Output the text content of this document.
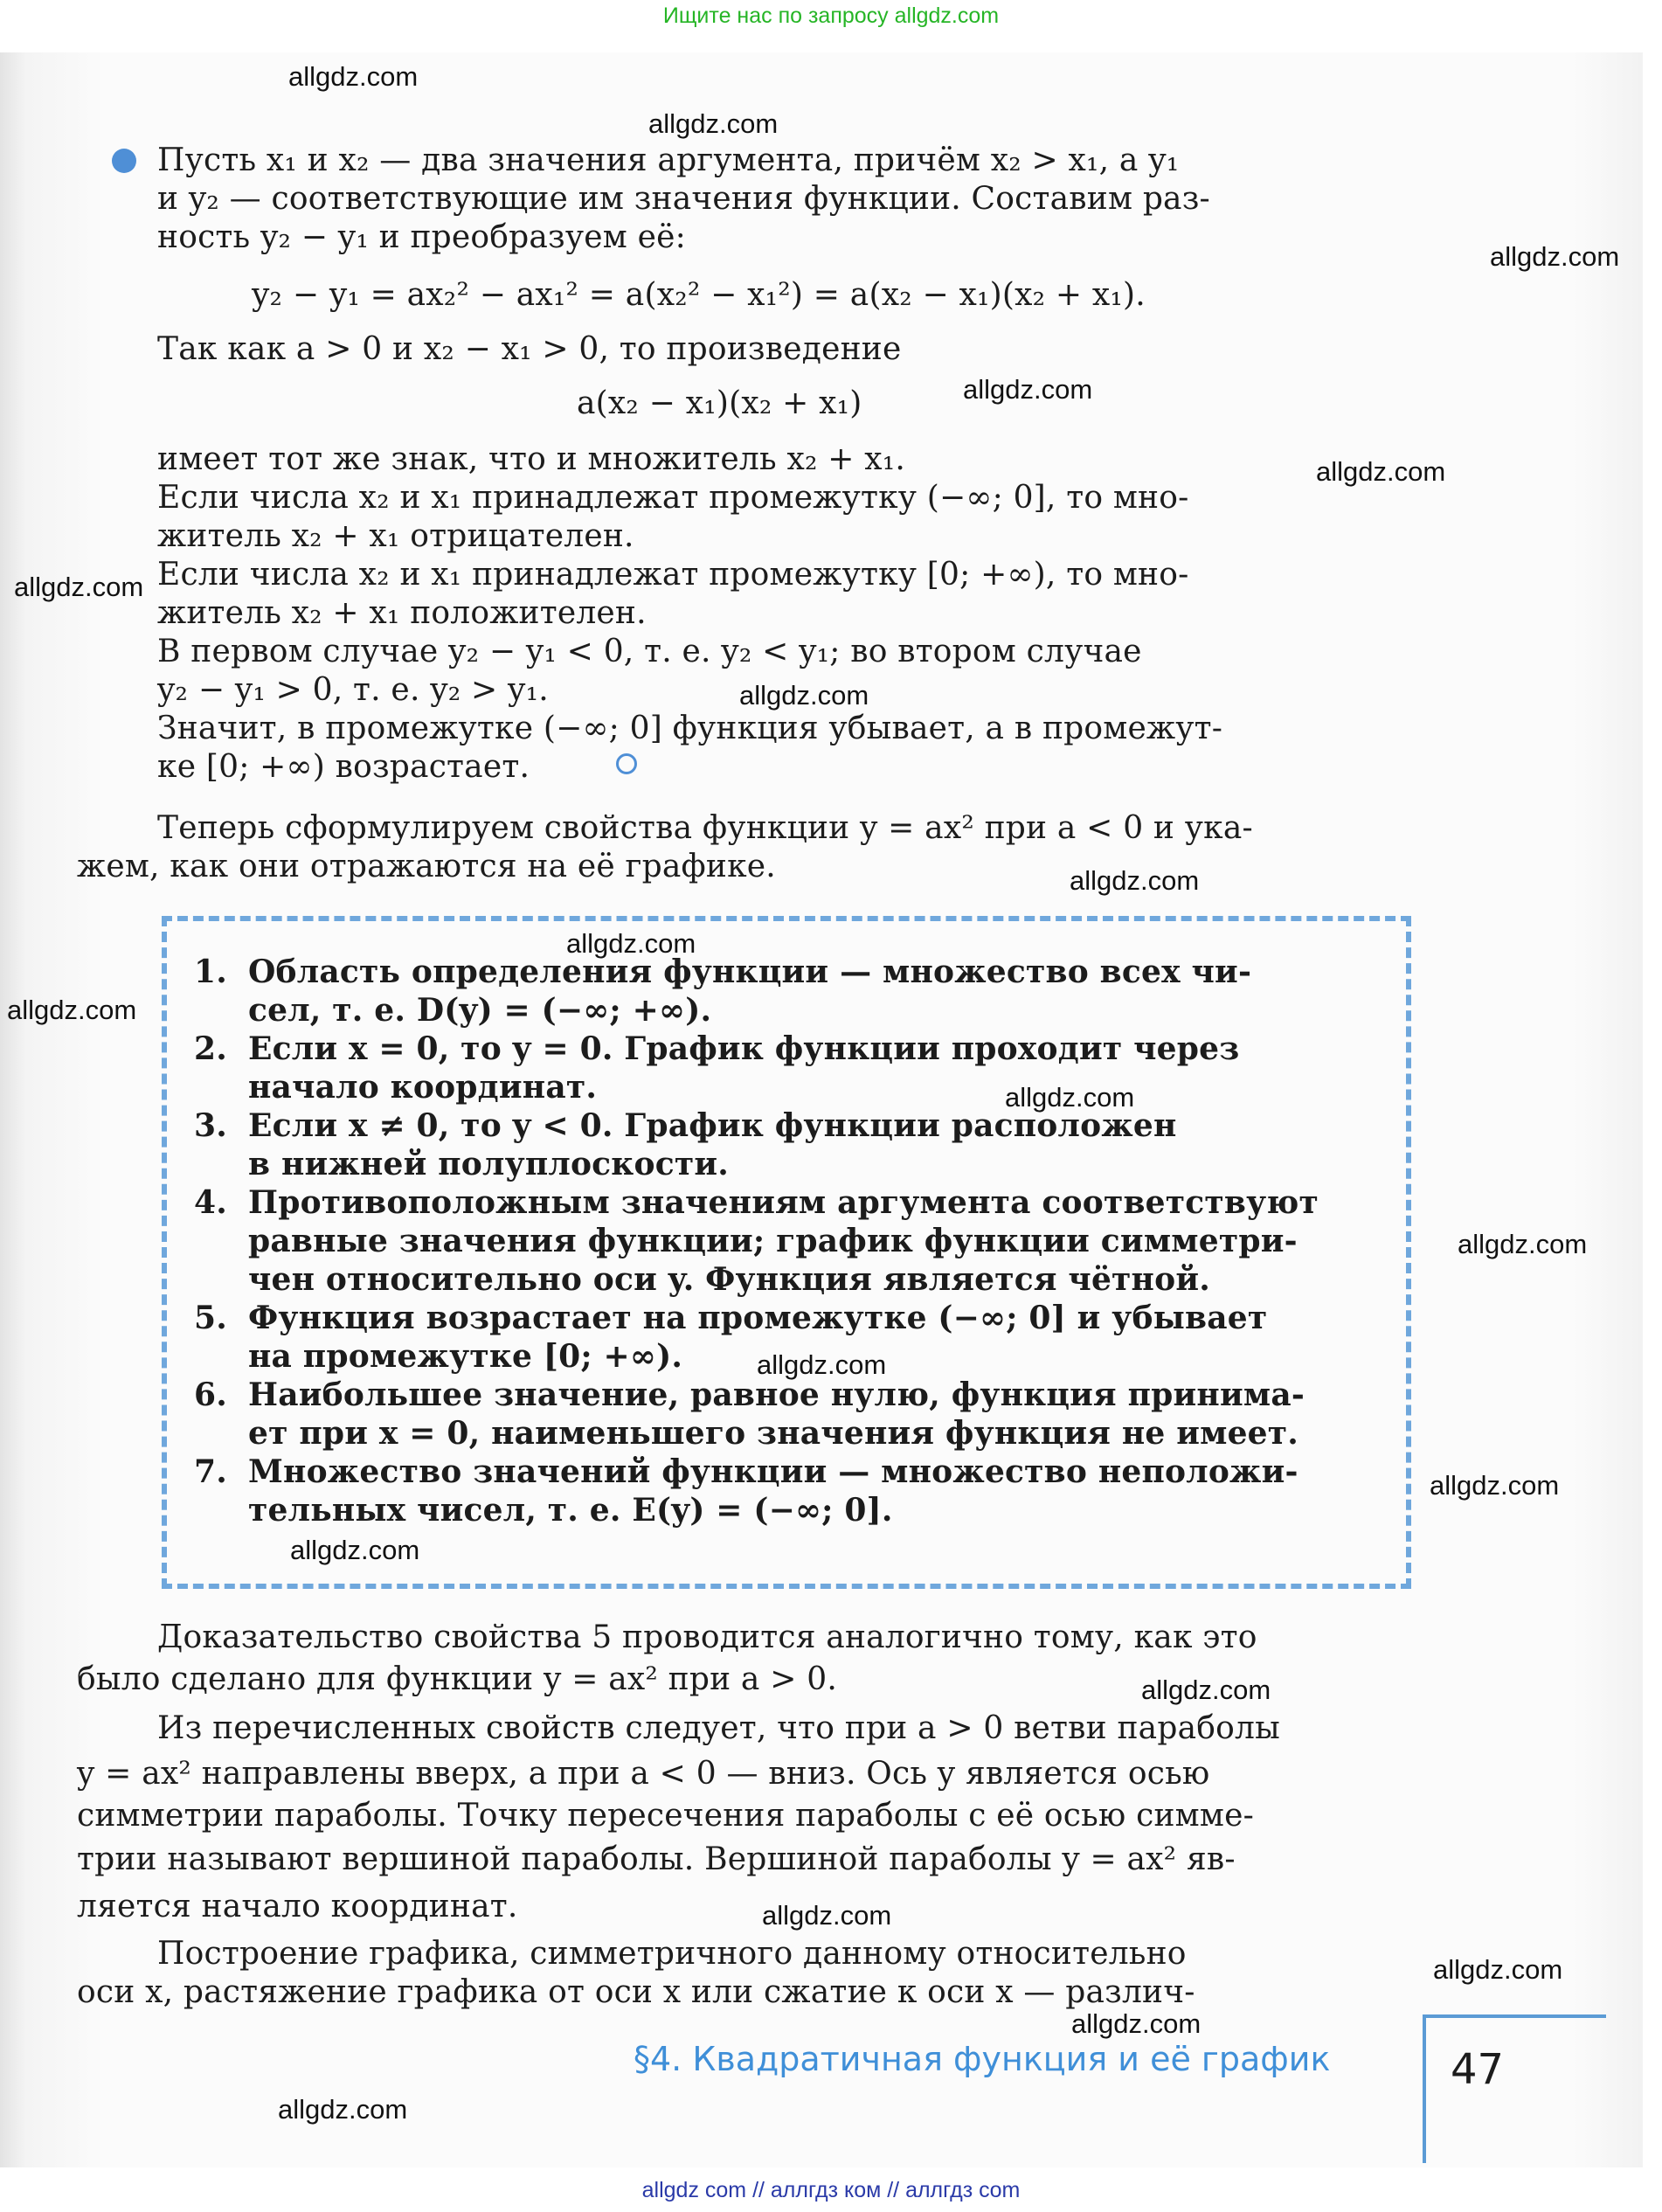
Ищите нас по запросу allgdz.com
Пусть x₁ и x₂ — два значения аргумента, причём x₂ > x₁, а y₁
и y₂ — соответствующие им значения функции. Составим раз-
ность y₂ − y₁ и преобразуем её:
y₂ − y₁ = ax₂² − ax₁² = a(x₂² − x₁²) = a(x₂ − x₁)(x₂ + x₁).
Так как a > 0 и x₂ − x₁ > 0, то произведение
a(x₂ − x₁)(x₂ + x₁)
имеет тот же знак, что и множитель x₂ + x₁.
Если числа x₂ и x₁ принадлежат промежутку (−∞; 0], то мно-
житель x₂ + x₁ отрицателен.
Если числа x₂ и x₁ принадлежат промежутку [0; +∞), то мно-
житель x₂ + x₁ положителен.
В первом случае y₂ − y₁ < 0, т. е. y₂ < y₁; во втором случае
y₂ − y₁ > 0, т. е. y₂ > y₁.
Значит, в промежутке (−∞; 0] функция убывает, а в промежут-
ке [0; +∞) возрастает.
Теперь сформулируем свойства функции y = ax² при a < 0 и ука-
жем, как они отражаются на её графике.
1. Область определения функции — множество всех чи-
сел, т. е. D(y) = (−∞; +∞).
2. Если x = 0, то y = 0. График функции проходит через
начало координат.
3. Если x ≠ 0, то y < 0. График функции расположен
в нижней полуплоскости.
4. Противоположным значениям аргумента соответствуют
равные значения функции; график функции симметри-
чен относительно оси y. Функция является чётной.
5. Функция возрастает на промежутке (−∞; 0] и убывает
на промежутке [0; +∞).
6. Наибольшее значение, равное нулю, функция принима-
ет при x = 0, наименьшего значения функция не имеет.
7. Множество значений функции — множество неположи-
тельных чисел, т. е. E(y) = (−∞; 0].
Доказательство свойства 5 проводится аналогично тому, как это
было сделано для функции y = ax² при a > 0.
Из перечисленных свойств следует, что при a > 0 ветви параболы
y = ax² направлены вверх, а при a < 0 — вниз. Ось y является осью
симметрии параболы. Точку пересечения параболы с её осью симме-
трии называют вершиной параболы. Вершиной параболы y = ax² яв-
ляется начало координат.
Построение графика, симметричного данному относительно
оси x, растяжение графика от оси x или сжатие к оси x — различ-
§4. Квадратичная функция и её график	47
allgdz.com
allgdz.com
allgdz.com
allgdz.com
allgdz.com
allgdz.com
allgdz.com
allgdz.com
allgdz.com
allgdz.com
allgdz.com
allgdz.com
allgdz.com
allgdz.com
allgdz.com
allgdz.com
allgdz.com
allgdz.com
allgdz.com
allgdz.com
allgdz com // аллгдз ком // аллгдз com
